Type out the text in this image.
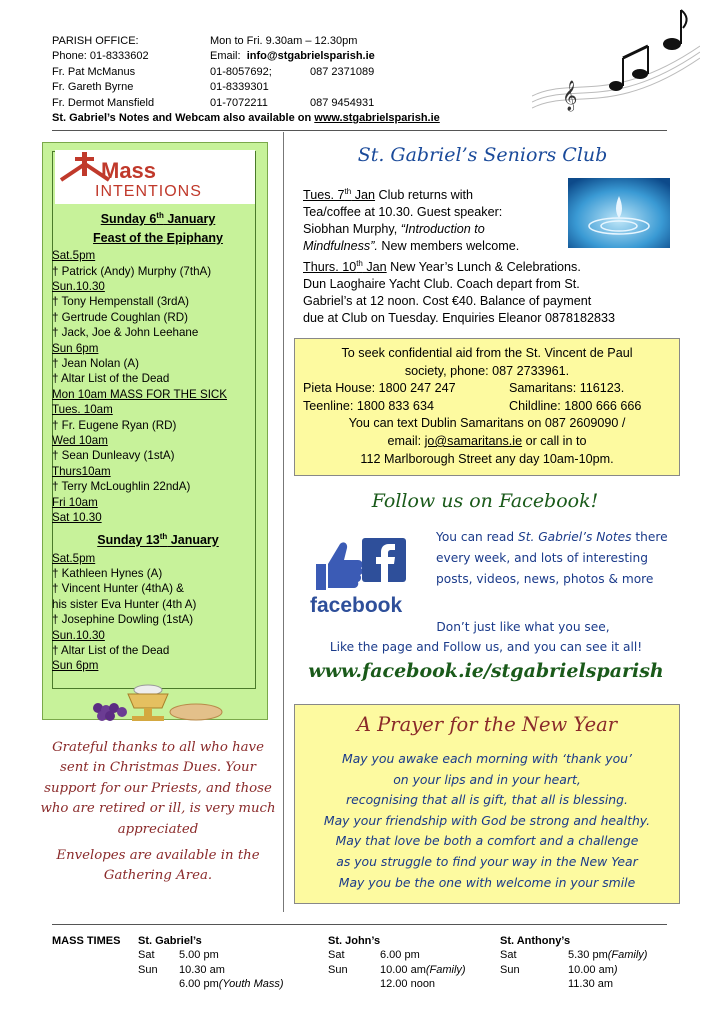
PARISH OFFICE:	Mon to Fri. 9.30am – 12.30pm
Phone: 01-8333602	Email:
info@stgabrielsparish.ie
Fr. Pat McManus	01-8057692;	087 2371089
Fr. Gareth Byrne	01-8339301
Fr. Dermot Mansfield	01-7072211	087 9454931
St. Gabriel’s Notes and Webcam also available on www.stgabrielsparish.ie
𝄞
Mass
INTENTIONS
Sunday 6th January
Feast of the Epiphany
Sat.5pm
† Patrick (Andy) Murphy (7thA)
Sun.10.30
† Tony Hempenstall (3rdA)
† Gertrude Coughlan (RD)
† Jack, Joe & John Leehane
Sun 6pm
† Jean Nolan (A)
† Altar List of the Dead
Mon 10am MASS FOR THE SICK
Tues. 10am
† Fr. Eugene Ryan (RD)
Wed 10am
† Sean Dunleavy (1stA)
Thurs10am
† Terry McLoughlin 22ndA)
Fri 10am
Sat 10.30
Sunday 13th January
Sat.5pm
† Kathleen Hynes (A)
† Vincent Hunter (4thA) &
his sister Eva Hunter (4th A)
† Josephine Dowling (1stA)
Sun.10.30
† Altar List of the Dead
Sun 6pm
Grateful thanks to all who have sent in Christmas Dues. Your support for our Priests, and those who are retired or ill, is very much appreciated
Envelopes are available in the Gathering Area.
St. Gabriel’s Seniors Club
Tues. 7th Jan Club returns with
Tea/coffee at 10.30. Guest speaker:
Siobhan Murphy, “Introduction to
Mindfulness”. New members welcome.
Thurs. 10th Jan New Year’s Lunch & Celebrations.
Dun Laoghaire Yacht Club. Coach depart from St.
Gabriel’s at 12 noon. Cost €40. Balance of payment
due at Club on Tuesday. Enquiries Eleanor 0878182833
To seek confidential aid from the St. Vincent de Paul
society, phone: 087 2733961.
Pieta House: 1800 247 247	Samaritans: 116123.
Teenline: 1800 833 634	Childline: 1800 666 666
You can text Dublin Samaritans on 087 2609090 /
email: jo@samaritans.ie or call in to
112 Marlborough Street any day 10am-10pm.
Follow us on Facebook!
facebook
You can read St. Gabriel’s Notes there every week, and lots of interesting posts, videos, news, photos & more
Don’t just like what you see,
Like the page and Follow us, and you can see it all!
www.facebook.ie/stgabrielsparish
A Prayer for the New Year
May you awake each morning with ‘thank you’
on your lips and in your heart,
recognising that all is gift, that all is blessing.
May your friendship with God be strong and healthy.
May that love be both a comfort and a challenge
as you struggle to find your way in the New Year
May you be the one with welcome in your smile
MASS TIMES St. Gabriel’s
Sat	5.00 pm
Sun	10.30 am
6.00 pm (Youth Mass)
St. John’s
Sat	6.00 pm
Sun	10.00 am (Family)
12.00 noon
St. Anthony’s
Sat	5.30 pm (Family)
Sun	10.00 am )
11.30 am
